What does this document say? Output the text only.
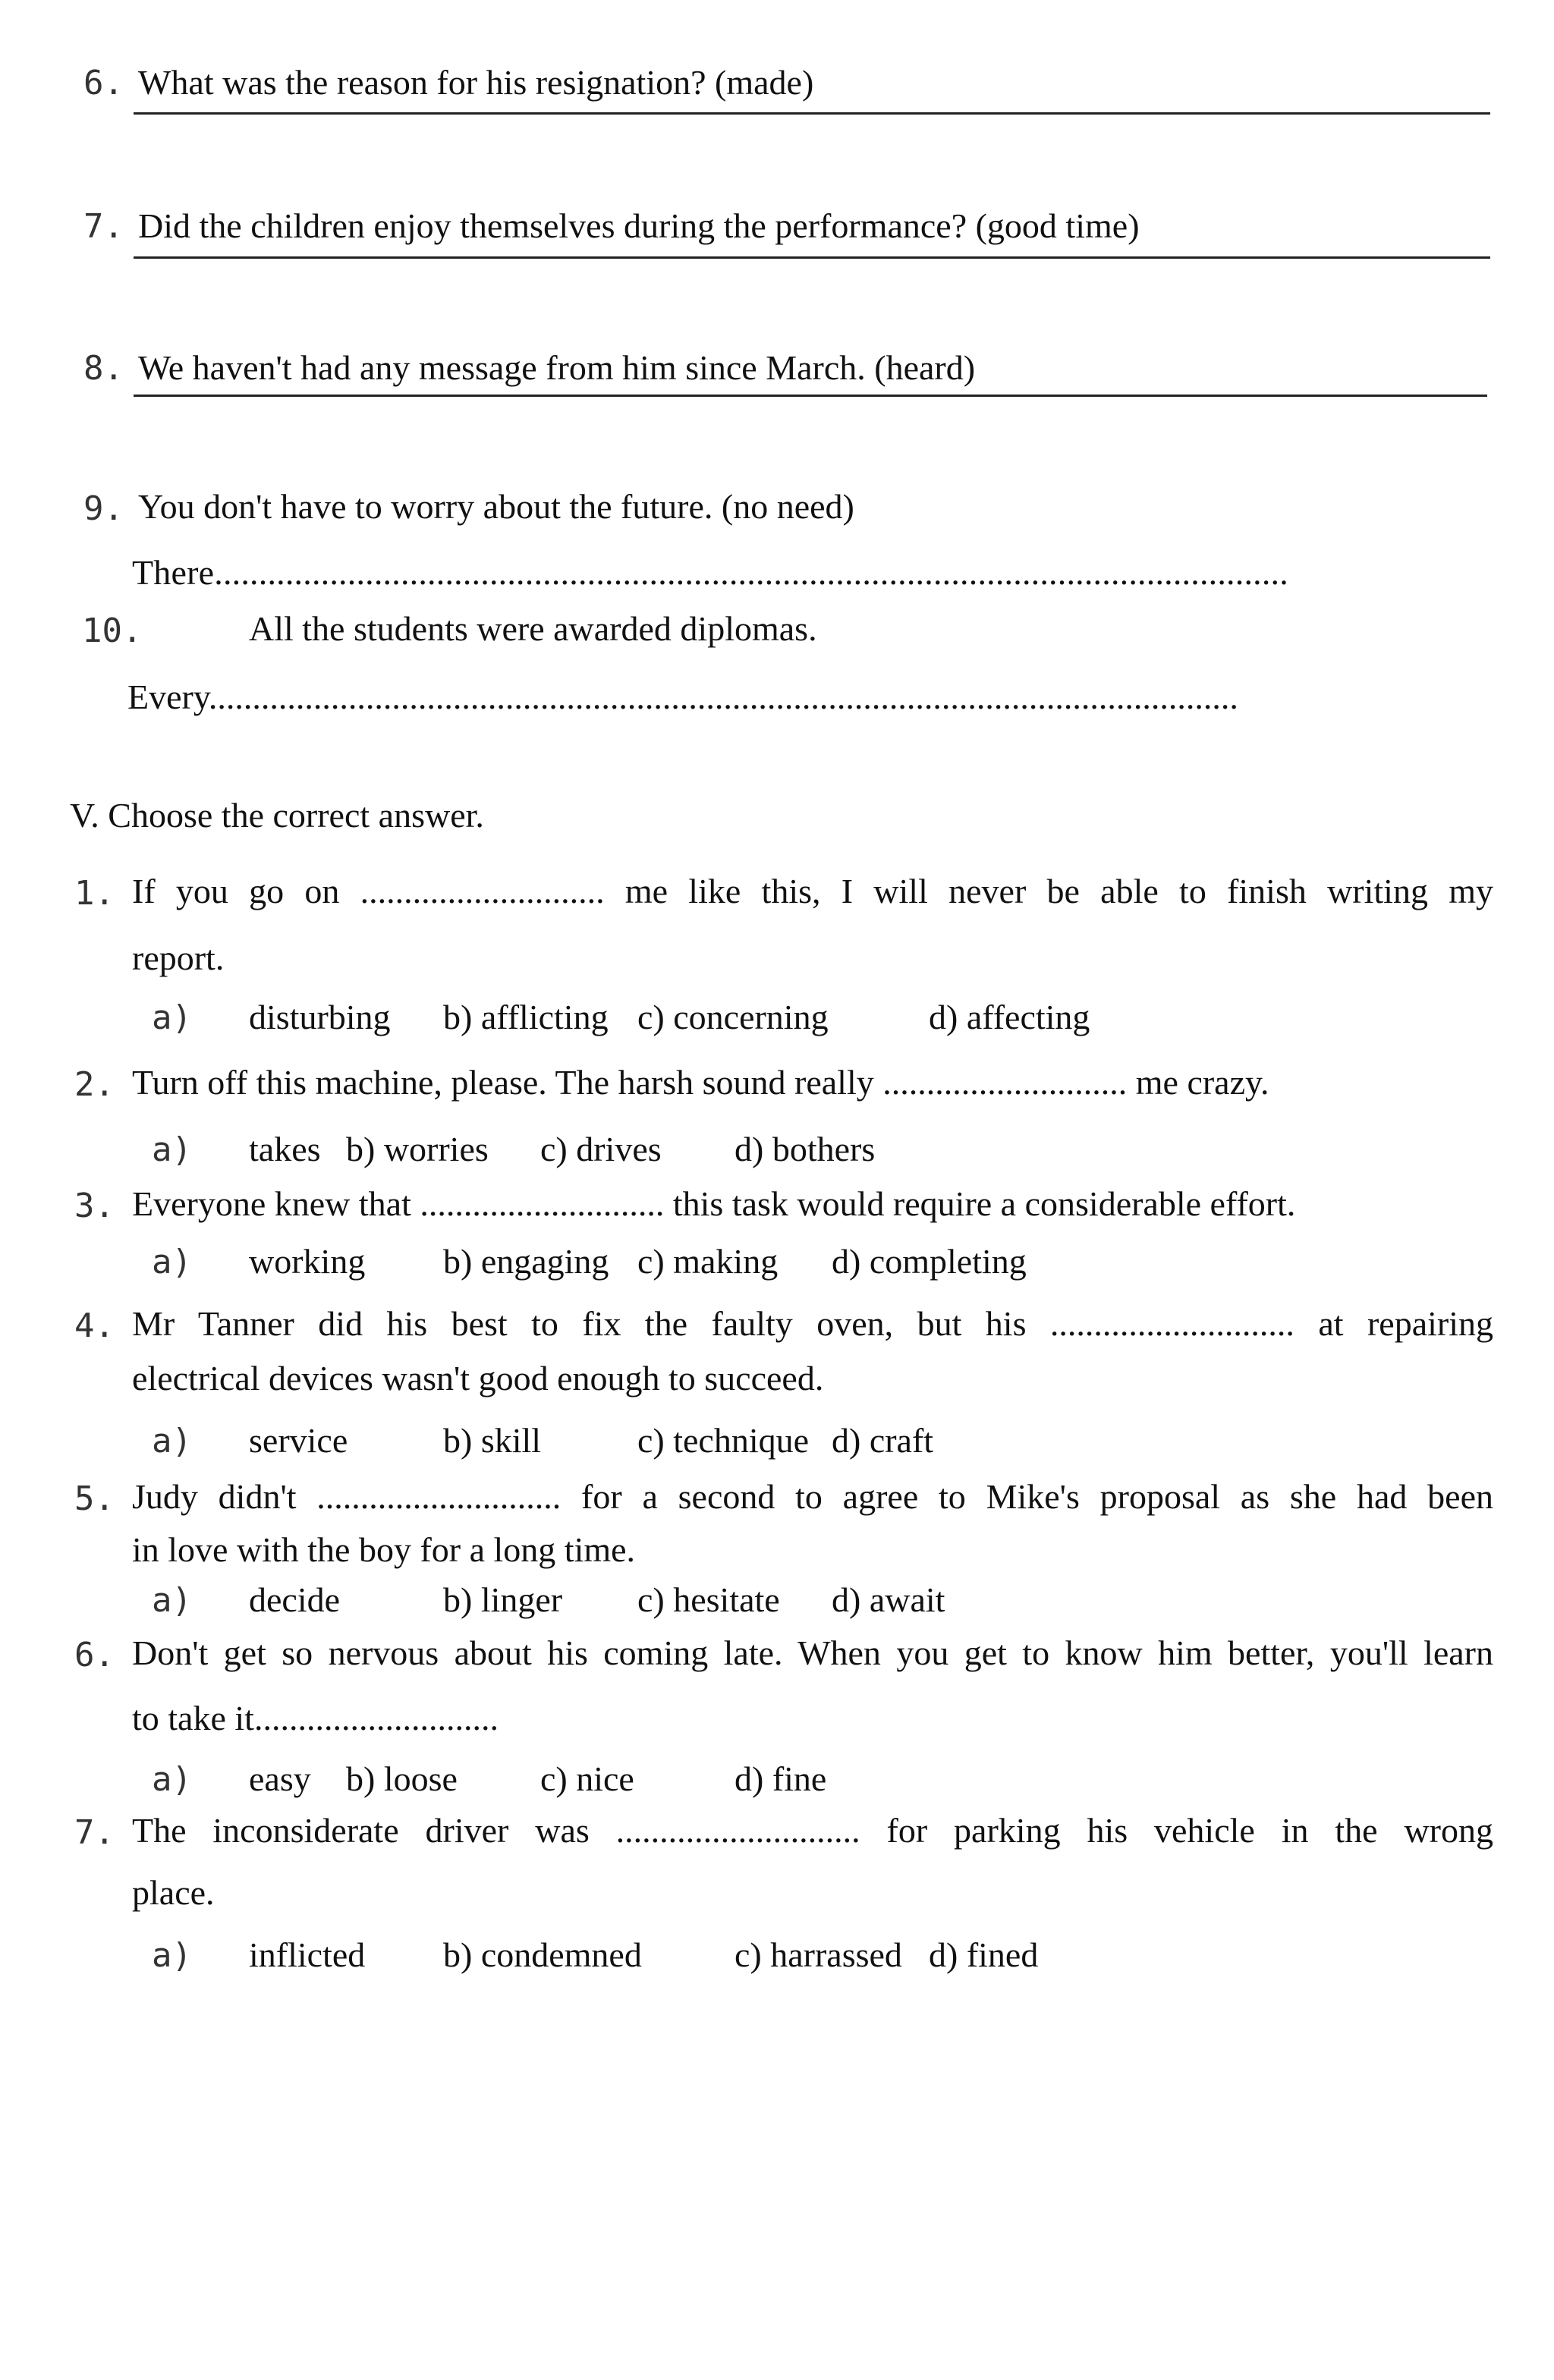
6. What was the reason for his resignation? (made)
7. Did the children enjoy themselves during the performance? (good time)
8. We haven't had any message from him since March. (heard)
9. You don't have to worry about the future. (no need)
There.........................................................................................................................
10.	All the students were awarded diplomas.
Every......................................................................................................................
V. Choose the correct answer.
1. If you go on ............................ me like this, I will never be able to finish writing my
report.
a) disturbing b) afflicting c) concerning	d) affecting
2. Turn off this machine, please. The harsh sound really ............................ me crazy.
a) takes b) worries c) drives d) bothers
3. Everyone knew that ............................ this task would require a considerable effort.
a) working b) engaging c) making d) completing
4. Mr Tanner did his best to fix the faulty oven, but his ............................ at repairing
electrical devices wasn't good enough to succeed.
a) service	b) skill	c) technique d) craft
5. Judy didn't ............................ for a second to agree to Mike's proposal as she had been
in love with the boy for a long time.
a) decide	b) linger c) hesitate d) await
6. Don't get so nervous about his coming late. When you get to know him better, you'll learn
to take it............................
a) easy b) loose c) nice	d) fine
7. The inconsiderate driver was ............................ for parking his vehicle in the wrong
place.
a) inflicted b) condemned	c) harrassed d) fined
